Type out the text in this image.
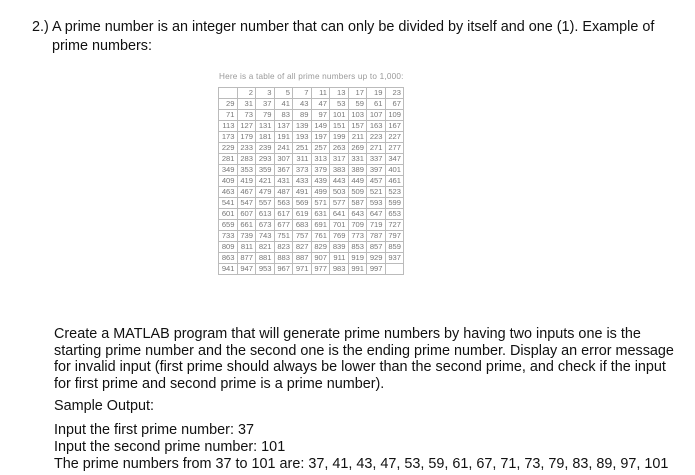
2.) A prime number is an integer number that can only be divided by itself and one (1). Example of prime numbers:
Here is a table of all prime numbers up to 1,000:
	2	3	5	7	11	13	17	19	23
29	31	37	41	43	47	53	59	61	67
71	73	79	83	89	97	101	103	107	109
113	127	131	137	139	149	151	157	163	167
173	179	181	191	193	197	199	211	223	227
229	233	239	241	251	257	263	269	271	277
281	283	293	307	311	313	317	331	337	347
349	353	359	367	373	379	383	389	397	401
409	419	421	431	433	439	443	449	457	461
463	467	479	487	491	499	503	509	521	523
541	547	557	563	569	571	577	587	593	599
601	607	613	617	619	631	641	643	647	653
659	661	673	677	683	691	701	709	719	727
733	739	743	751	757	761	769	773	787	797
809	811	821	823	827	829	839	853	857	859
863	877	881	883	887	907	911	919	929	937
941	947	953	967	971	977	983	991	997	

Create a MATLAB program that will generate prime numbers by having two inputs one is the starting prime number and the second one is the ending prime number. Display an error message for invalid input (first prime should always be lower than the second prime, and check if the input for first prime and second prime is a prime number).

Sample Output:

Input the first prime number: 37

Input the second prime number: 101

The prime numbers from 37 to 101 are: 37, 41, 43, 47, 53, 59, 61, 67, 71, 73, 79, 83, 89, 97, 101
